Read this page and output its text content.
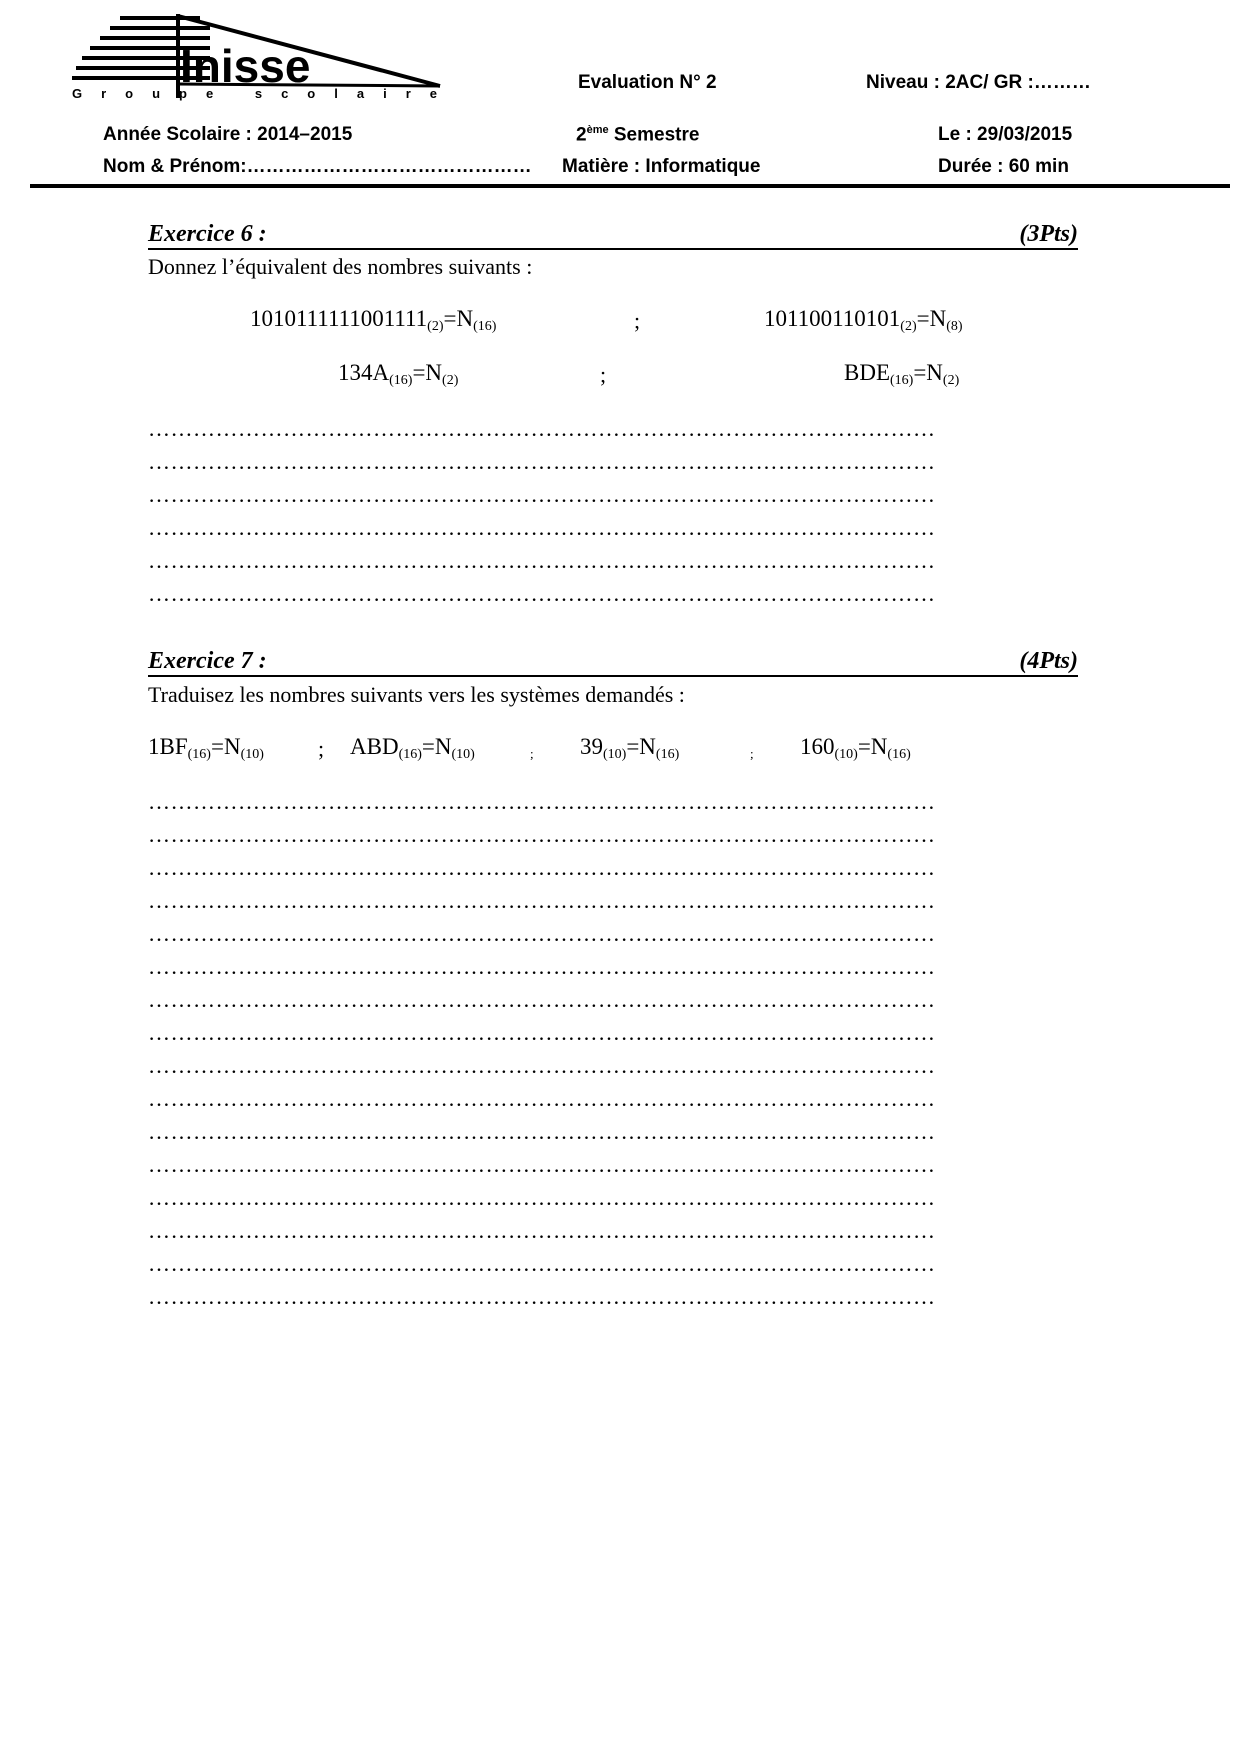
Inisse
Groupe scolaire
Evaluation N° 2	Niveau : 2AC/ GR :………
Année Scolaire : 2014–2015	2ème Semestre	Le : 29/03/2015
Nom & Prénom:……………………………………… Matière : Informatique	Durée : 60 min
Exercice 6 :	(3Pts)
Donnez l’équivalent des nombres suivants :
$1010111111001111_{(2)}=N_{(16)}$	;	$101100110101_{(2)}=N_{(8)}$
$134A_{(16)}=N_{(2)}$	;	$BDE_{(16)}=N_{(2)}$
……………………………………………………………………………………………
……………………………………………………………………………………………
……………………………………………………………………………………………
……………………………………………………………………………………………
……………………………………………………………………………………………
……………………………………………………………………………………………
Exercice 7 :	(4Pts)
Traduisez les nombres suivants vers les systèmes demandés :
$1BF_{(16)}=N_{(10)}$ ; $ABD_{(16)}=N_{(10)}$	; $39_{(10)}=N_{(16)}$	; $160_{(10)}=N_{(16)}$
……………………………………………………………………………………………
……………………………………………………………………………………………
……………………………………………………………………………………………
……………………………………………………………………………………………
……………………………………………………………………………………………
……………………………………………………………………………………………
……………………………………………………………………………………………
……………………………………………………………………………………………
……………………………………………………………………………………………
……………………………………………………………………………………………
……………………………………………………………………………………………
……………………………………………………………………………………………
……………………………………………………………………………………………
……………………………………………………………………………………………
……………………………………………………………………………………………
……………………………………………………………………………………………
